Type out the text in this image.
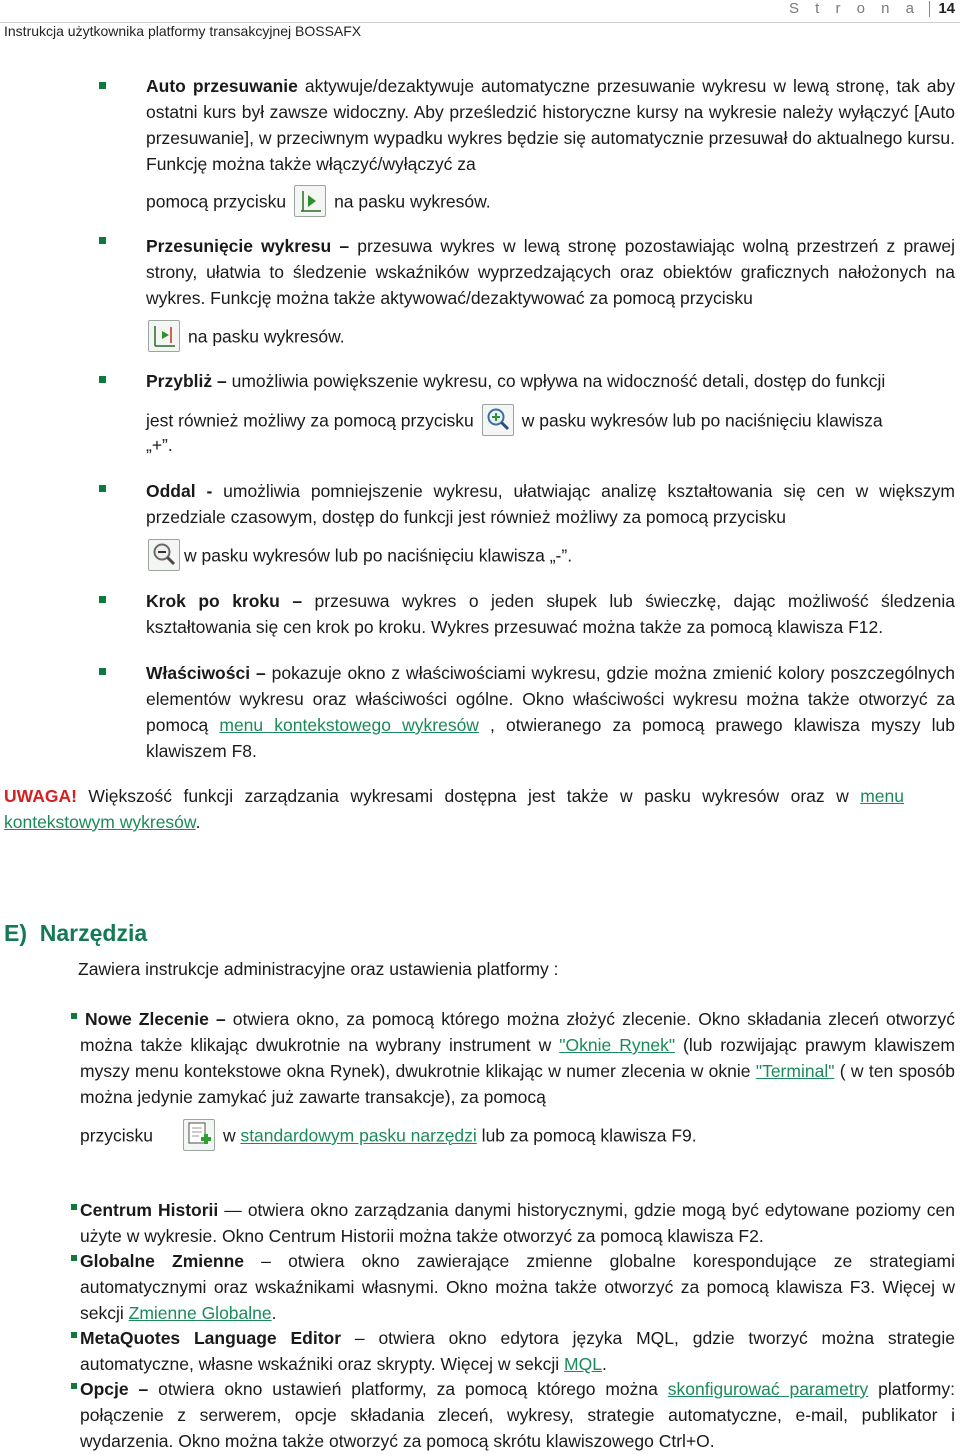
Instrukcja użytkownika platformy transakcyjnej BOSSAFX
S t r o n a 14
Auto przesuwanie aktywuje/dezaktywuje automatyczne przesuwanie wykresu w lewą stronę, tak aby ostatni kurs był zawsze widoczny. Aby prześledzić historyczne kursy na wykresie należy wyłączyć [Auto przesuwanie], w przeciwnym wypadku wykres będzie się automatycznie przesuwał do aktualnego kursu. Funkcję można także włączyć/wyłączyć za
pomocą przycisku	na pasku wykresów.
Przesunięcie wykresu – przesuwa wykres w lewą stronę pozostawiając wolną przestrzeń z prawej strony, ułatwia to śledzenie wskaźników wyprzedzających oraz obiektów graficznych nałożonych na wykres. Funkcję można także aktywować/dezaktywować za pomocą przycisku
na pasku wykresów.
Przybliż – umożliwia powiększenie wykresu, co wpływa na widoczność detali, dostęp do funkcji
jest również możliwy za pomocą przycisku	w pasku wykresów lub po naciśnięciu klawisza
„+”.
Oddal - umożliwia pomniejszenie wykresu, ułatwiając analizę kształtowania się cen w większym przedziale czasowym, dostęp do funkcji jest również możliwy za pomocą przycisku
w pasku wykresów lub po naciśnięciu klawisza „-”.
Krok po kroku – przesuwa wykres o jeden słupek lub świeczkę, dając możliwość śledzenia kształtowania się cen krok po kroku. Wykres przesuwać można także za pomocą klawisza F12.
Właściwości – pokazuje okno z właściwościami wykresu, gdzie można zmienić kolory poszczególnych elementów wykresu oraz właściwości ogólne. Okno właściwości wykresu można także otworzyć za pomocą menu kontekstowego wykresów , otwieranego za pomocą prawego klawisza myszy lub klawiszem F8.
UWAGA! Większość funkcji zarządzania wykresami dostępna jest także w pasku wykresów oraz w menu kontekstowym wykresów.
E)  Narzędzia
Zawiera instrukcje administracyjne oraz ustawienia platformy :
Nowe Zlecenie – otwiera okno, za pomocą którego można złożyć zlecenie. Okno składania zleceń otworzyć można także klikając dwukrotnie na wybrany instrument w "Oknie Rynek" (lub rozwijając prawym klawiszem myszy menu kontekstowe okna Rynek), dwukrotnie klikając w numer zlecenia w oknie "Terminal" ( w ten sposób można jedynie zamykać już zawarte transakcje), za pomocą
przycisku	w standardowym pasku narzędzi lub za pomocą klawisza F9.
Centrum Historii — otwiera okno zarządzania danymi historycznymi, gdzie mogą być edytowane poziomy cen użyte w wykresie. Okno Centrum Historii można także otworzyć za pomocą klawisza F2.
Globalne Zmienne – otwiera okno zawierające zmienne globalne korespondujące ze strategiami automatycznymi oraz wskaźnikami własnymi. Okno można także otworzyć za pomocą klawisza F3. Więcej w sekcji Zmienne Globalne.
MetaQuotes Language Editor – otwiera okno edytora języka MQL, gdzie tworzyć można strategie automatyczne, własne wskaźniki oraz skrypty. Więcej w sekcji MQL.
Opcje – otwiera okno ustawień platformy, za pomocą którego można skonfigurować parametry platformy: połączenie z serwerem, opcje składania zleceń, wykresy, strategie automatyczne, e-mail, publikator i wydarzenia. Okno można także otworzyć za pomocą skrótu klawiszowego Ctrl+O.
